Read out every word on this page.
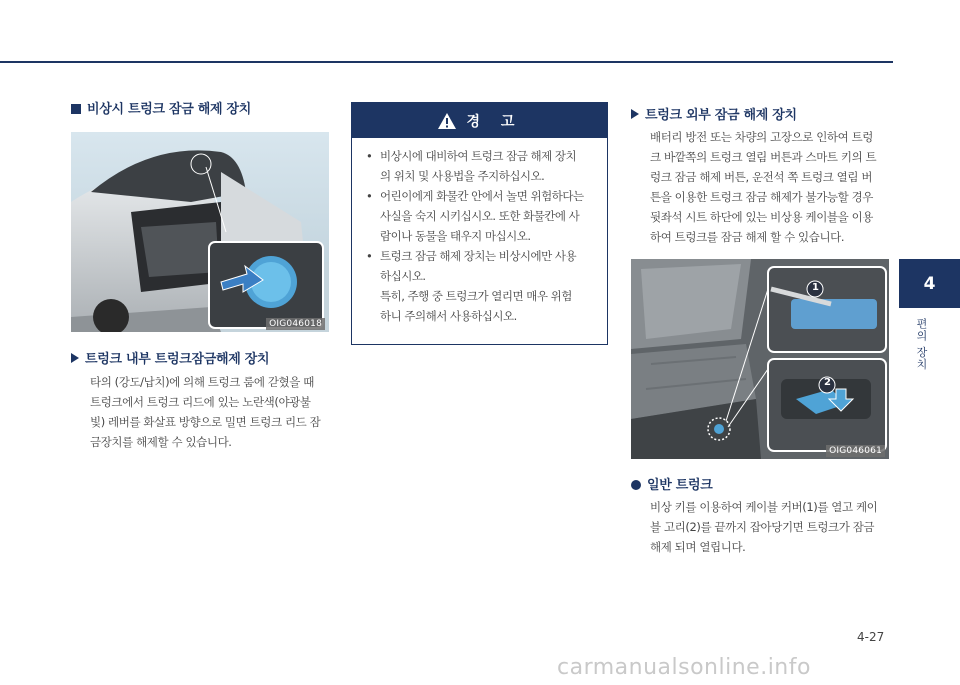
비상시 트렁크 잠금 해제 장치
OIG046018
트렁크 내부 트렁크잠금해제 장치
타의 (강도/납치)에 의해 트렁크 룸에 갇혔을 때
트렁크에서 트렁크 리드에 있는 노란색(야광불
빛) 레버를 화살표 방향으로 밀면 트렁크 리드 잠
금장치를 해제할 수 있습니다.
경 고
• 비상시에 대비하여 트렁크 잠금 해제 장치
의 위치 및 사용법을 주지하십시오.
• 어린이에게 화물칸 안에서 놀면 위험하다는
사실을 숙지 시키십시오. 또한 화물칸에 사
람이나 동물을 태우지 마십시오.
• 트렁크 잠금 해제 장치는 비상시에만 사용
하십시오.
특히, 주행 중 트렁크가 열리면 매우 위험
하니 주의해서 사용하십시오.
트렁크 외부 잠금 해제 장치
배터리 방전 또는 차량의 고장으로 인하여 트렁
크 바깥쪽의 트렁크 열림 버튼과 스마트 키의 트
렁크 잠금 해제 버튼, 운전석 쪽 트렁크 열림 버
튼을 이용한 트렁크 잠금 해제가 불가능할 경우
뒷좌석 시트 하단에 있는 비상용 케이블을 이용
하여 트렁크를 잠금 해제 할 수 있습니다.
1
2
OIG046061
일반 트렁크
비상 키를 이용하여 케이블 커버(1)를 열고 케이
블 고리(2)를 끝까지 잡아당기면 트렁크가 잠금
해제 되며 열립니다.
4
편의 장치
4-27
carmanualsonline.info
